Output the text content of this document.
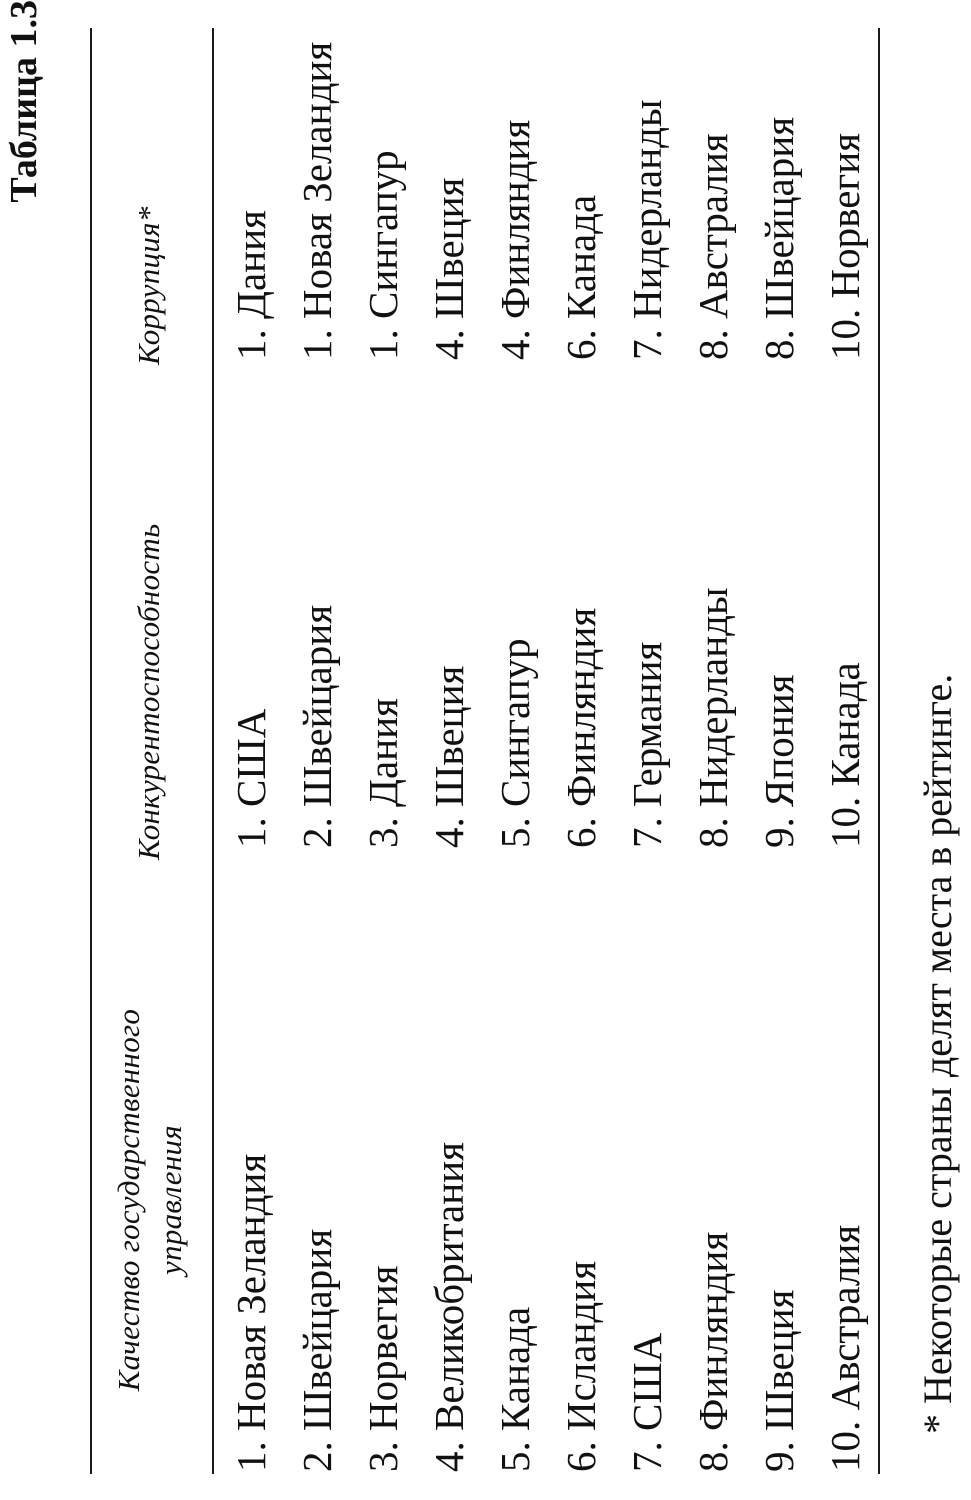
Таблица 1.3
Качество государственного управления
Конкурентоспособность
Коррупция*
1. Новая Зеландия 2. Швейцария 3. Норвегия 4. Великобритания 5. Канада 6. Исландия 7. США 8. Финляндия 9. Швеция 10. Австралия
1. США 2. Швейцария 3. Дания 4. Швеция 5. Сингапур 6. Финляндия 7. Германия 8. Нидерланды 9. Япония 10. Канада
1. Дания 1. Новая Зеландия 1. Сингапур 4. Швеция 4. Финляндия 6. Канада 7. Нидерланды 8. Австралия 8. Швейцария 10. Норвегия
* Некоторые страны делят места в рейтинге.
